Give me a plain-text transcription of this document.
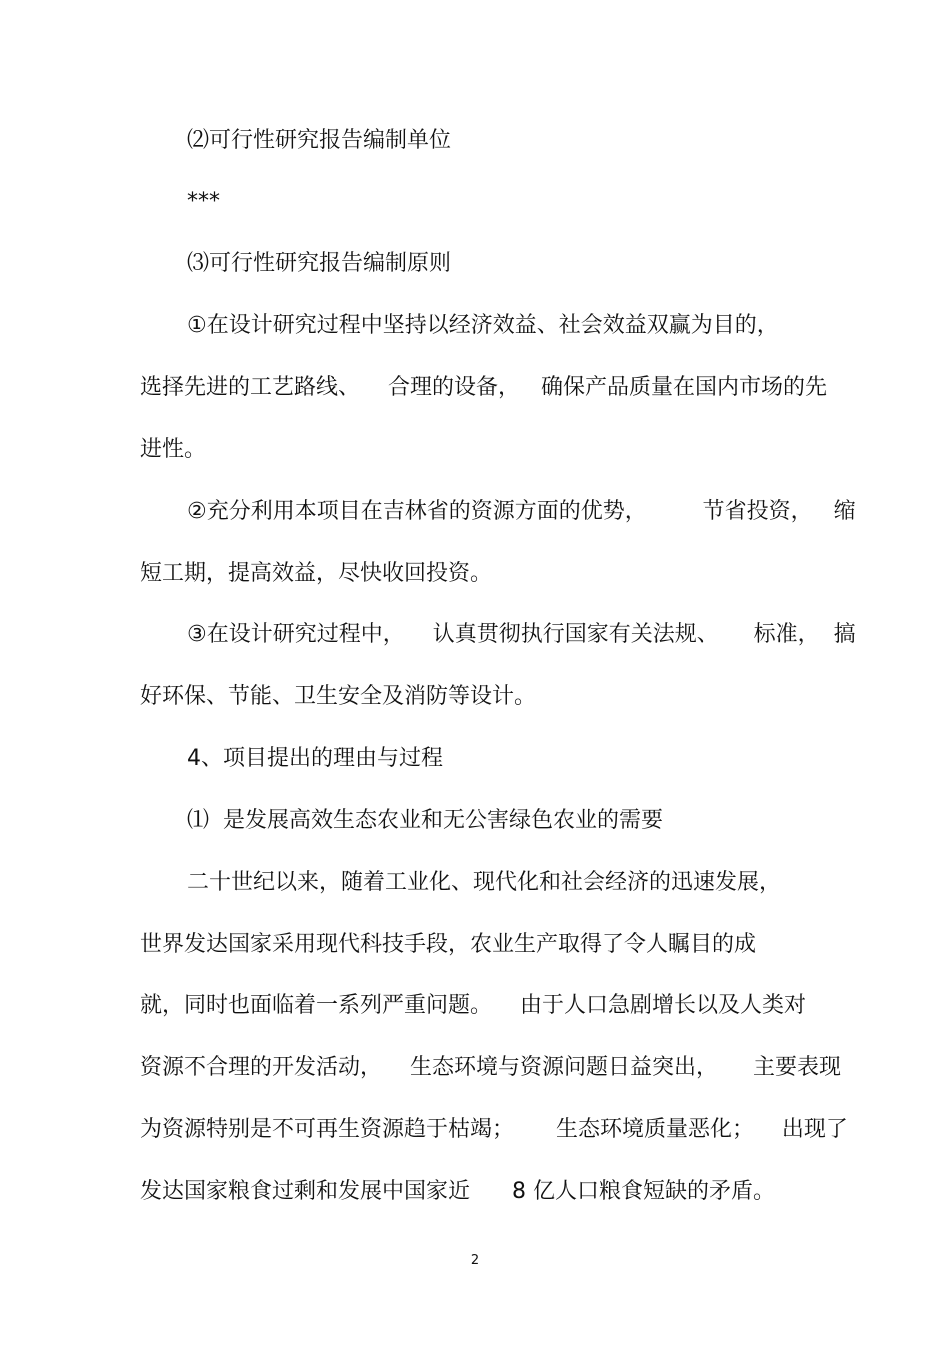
⑵可行性研究报告编制单位
***
⑶可行性研究报告编制原则
①在设计研究过程中坚持以经济效益、社会效益双赢为目的，
选择先进的工艺路线、    合理的设备，   确保产品质量在国内市场的先
进性。
②充分利用本项目在吉林省的资源方面的优势，        节省投资，   缩
短工期，提高效益，尽快收回投资。
③在设计研究过程中，    认真贯彻执行国家有关法规、     标准，  搞
好环保、节能、卫生安全及消防等设计。
4、项目提出的理由与过程
⑴  是发展高效生态农业和无公害绿色农业的需要
二十世纪以来，随着工业化、现代化和社会经济的迅速发展，
世界发达国家采用现代科技手段，农业生产取得了令人瞩目的成
就，同时也面临着一系列严重问题。    由于人口急剧增长以及人类对
资源不合理的开发活动，    生态环境与资源问题日益突出，     主要表现
为资源特别是不可再生资源趋于枯竭；      生态环境质量恶化；    出现了
发达国家粮食过剩和发展中国家近      8 亿人口粮食短缺的矛盾。
2
